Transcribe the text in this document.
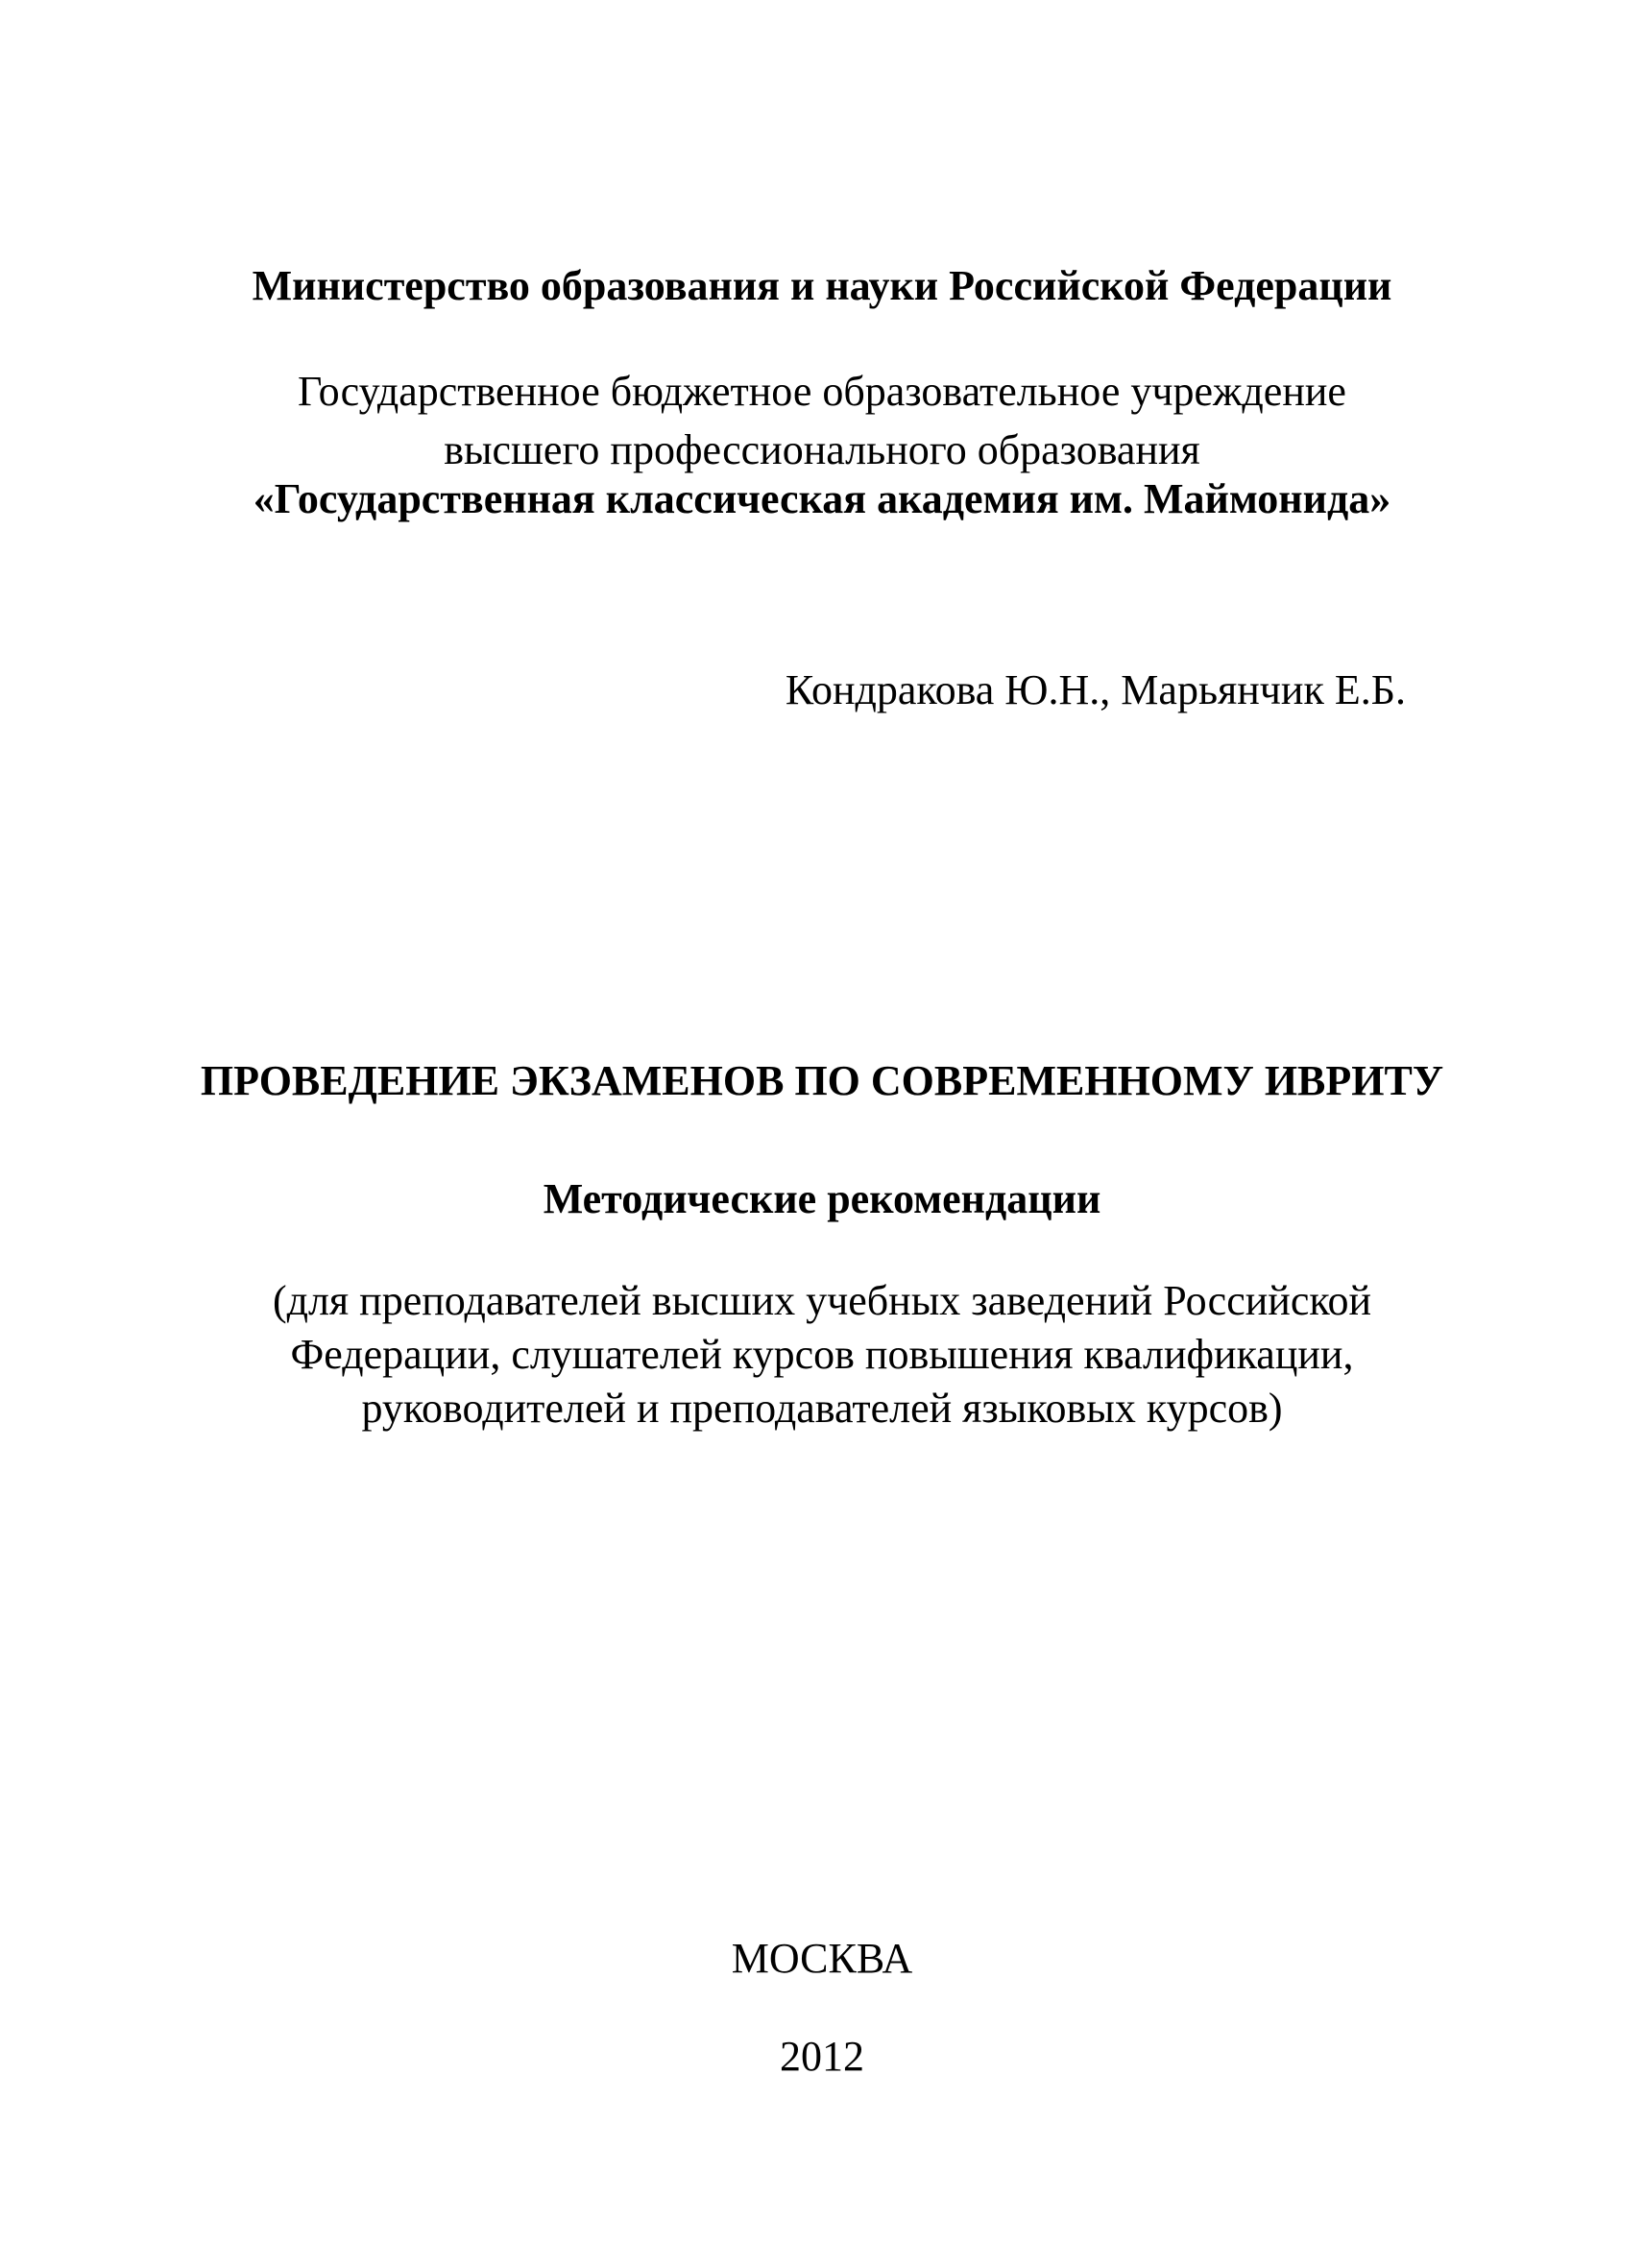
Министерство образования и науки Российской Федерации
Государственное бюджетное образовательное учреждение
высшего профессионального образования
«Государственная классическая академия им. Маймонида»
Кондракова Ю.Н., Марьянчик Е.Б.
ПРОВЕДЕНИЕ ЭКЗАМЕНОВ ПО СОВРЕМЕННОМУ ИВРИТУ
Методические рекомендации
(для преподавателей высших учебных заведений Российской
Федерации, слушателей курсов повышения квалификации,
руководителей и преподавателей языковых курсов)
МОСКВА
2012
